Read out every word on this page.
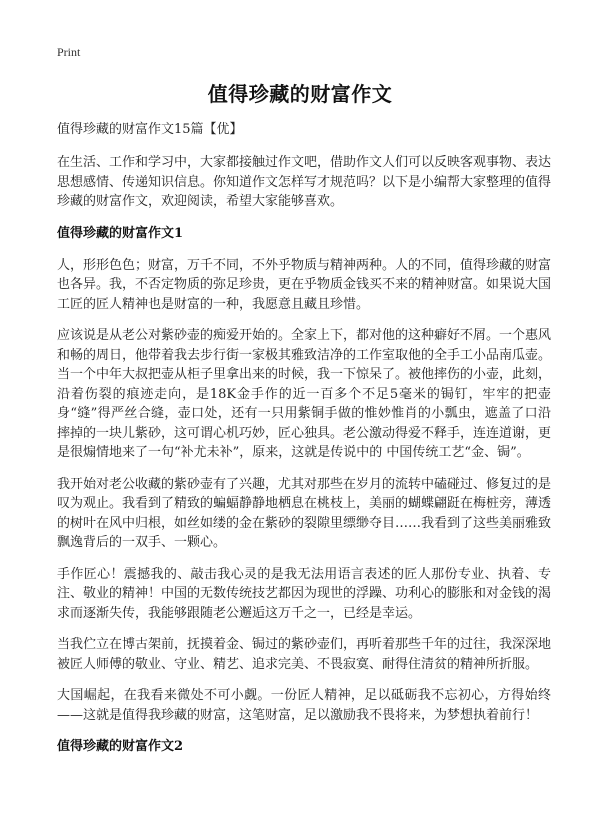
Print
值得珍藏的财富作文
值得珍藏的财富作文15篇【优】

在生活、工作和学习中，大家都接触过作文吧，借助作文人们可以反映客观事物、表达思想感情、传递知识信息。你知道作文怎样写才规范吗？以下是小编帮大家整理的值得珍藏的财富作文，欢迎阅读，希望大家能够喜欢。

值得珍藏的财富作文1

人，形形色色；财富，万千不同，不外乎物质与精神两种。人的不同，值得珍藏的财富也各异。我，不否定物质的弥足珍贵，更在乎物质金钱买不来的精神财富。如果说大国工匠的匠人精神也是财富的一种，我愿意且藏且珍惜。

应该说是从老公对紫砂壶的痴爱开始的。全家上下，都对他的这种癖好不屑。一个惠风和畅的周日，他带着我去步行街一家极其雅致洁净的工作室取他的全手工小品南瓜壶。当一个中年大叔把壶从柜子里拿出来的时候，我一下惊呆了。被他摔伤的小壶，此刻，沿着伤裂的痕迹走向，是18K金手作的近一百多个不足5毫米的锔钉，牢牢的把壶身“缝”得严丝合缝，壶口处，还有一只用紫铜手做的惟妙惟肖的小瓢虫，遮盖了口沿摔掉的一块儿紫砂，这可谓心机巧妙，匠心独具。老公激动得爱不释手，连连道谢，更是很煽情地来了一句“补尤未补”，原来，这就是传说中的 中国传统工艺“金、锔”。

我开始对老公收藏的紫砂壶有了兴趣，尤其对那些在岁月的流转中磕碰过、修复过的是叹为观止。我看到了精致的蝙蝠静静地栖息在桃枝上，美丽的蝴蝶翩跹在梅桩旁，薄透的树叶在风中归根，如丝如缕的金在紫砂的裂隙里缥缈夺目……我看到了这些美丽雅致飘逸背后的一双手、一颗心。

手作匠心！震撼我的、敲击我心灵的是我无法用语言表述的匠人那份专业、执着、专注、敬业的精神！中国的无数传统技艺都因为现世的浮躁、功利心的膨胀和对金钱的渴求而逐渐失传，我能够跟随老公邂逅这万千之一，已经是幸运。

当我伫立在博古架前，抚摸着金、锔过的紫砂壶们，再听着那些千年的过往，我深深地被匠人师傅的敬业、守业、精艺、追求完美、不畏寂寞、耐得住清贫的精神所折服。

大国崛起，在我看来微处不可小觑。一份匠人精神，足以砥砺我不忘初心，方得始终——这就是值得我珍藏的财富，这笔财富，足以激励我不畏将来，为梦想执着前行！

值得珍藏的财富作文2
